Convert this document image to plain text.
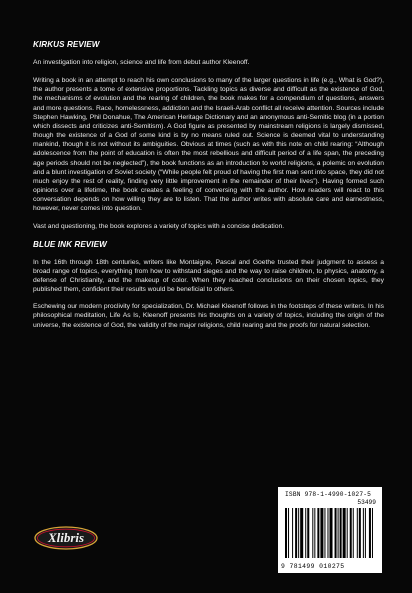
KIRKUS REVIEW

An investigation into religion, science and life from debut author Kleenoff.

Writing a book in an attempt to reach his own conclusions to many of the larger questions in life (e.g., What is God?), the author presents a tome of extensive proportions. Tackling topics as diverse and difficult as the existence of God, the mechanisms of evolution and the rearing of children, the book makes for a compendium of questions, answers and more questions. Race, homelessness, addiction and the Israeli-Arab conflict all receive attention. Sources include Stephen Hawking, Phil Donahue, The American Heritage Dictionary and an anonymous anti-Semitic blog (in a portion which dissects and criticizes anti-Semitism). A God figure as presented by mainstream religions is largely dismissed, though the existence of a God of some kind is by no means ruled out. Science is deemed vital to understanding mankind, though it is not without its ambiguities. Obvious at times (such as with this note on child rearing: “Although adolescence from the point of education is often the most rebellious and difficult period of a life span, the preceding age periods should not be neglected”), the book functions as an introduction to world religions, a polemic on evolution and a blunt investigation of Soviet society (“While people felt proud of having the first man sent into space, they did not much enjoy the rest of reality, finding very little improvement in the remainder of their lives”). Having formed such opinions over a lifetime, the book creates a feeling of conversing with the author. How readers will react to this conversation depends on how willing they are to listen. That the author writes with absolute care and earnestness, however, never comes into question.

Vast and questioning, the book explores a variety of topics with a concise dedication.

BLUE INK REVIEW

In the 16th through 18th centuries, writers like Montaigne, Pascal and Goethe trusted their judgment to assess a broad range of topics, everything from how to withstand sieges and the way to raise children, to physics, anatomy, a defense of Christianity, and the makeup of color. When they reached conclusions on their chosen topics, they published them, confident their results would be beneficial to others.

Eschewing our modern proclivity for specialization, Dr. Michael Kleenoff follows in the footsteps of these writers. In his philosophical meditation, Life As Is, Kleenoff presents his thoughts on a variety of topics, including the origin of the universe, the existence of God, the validity of the major religions, child rearing and the proofs for natural selection.

Xlibris
ISBN 978-1-4990-1027-5
53499
9 781499 010275
